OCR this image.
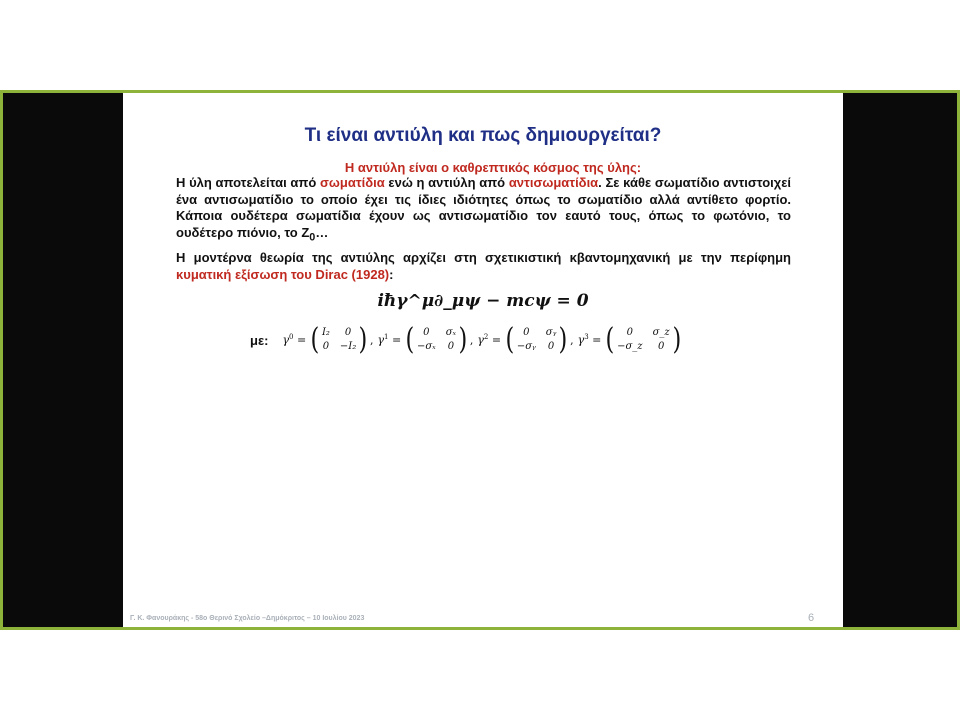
Τι είναι αντιύλη και πως δημιουργείται?
Η αντιύλη είναι ο καθρεπτικός κόσμος της ύλης:
Η ύλη αποτελείται από σωματίδια ενώ η αντιύλη από αντισωματίδια. Σε κάθε σωματίδιο αντιστοιχεί ένα αντισωματίδιο το οποίο έχει τις ίδιες ιδιότητες όπως το σωματίδιο αλλά αντίθετο φορτίο. Κάποια ουδέτερα σωματίδια έχουν ως αντισωματίδιο τον εαυτό τους, όπως το φωτόνιο, το ουδέτερο πιόνιο, το $Z_0\dots$
Η μοντέρνα θεωρία της αντιύλης αρχίζει στη σχετικιστική κβαντομηχανική με την περίφημη κυματική εξίσωση του Dirac (1928):
iħγ^μ∂_μψ − mcψ = 0
με: $\gamma^0$ = ( I₂	0
0 −I₂ ) , $\gamma^1$ = ( 0	σₓ
−σₓ 0 ) , $\gamma^2$ = ( 0	σᵧ
−σᵧ 0 ) , $\gamma^3$ = (	0	σ_z
−σ_z	0 )
Γ. Κ. Φανουράκης - 58ο Θερινό Σχολείο –Δημόκριτος – 10 Ιουλίου 2023	6
